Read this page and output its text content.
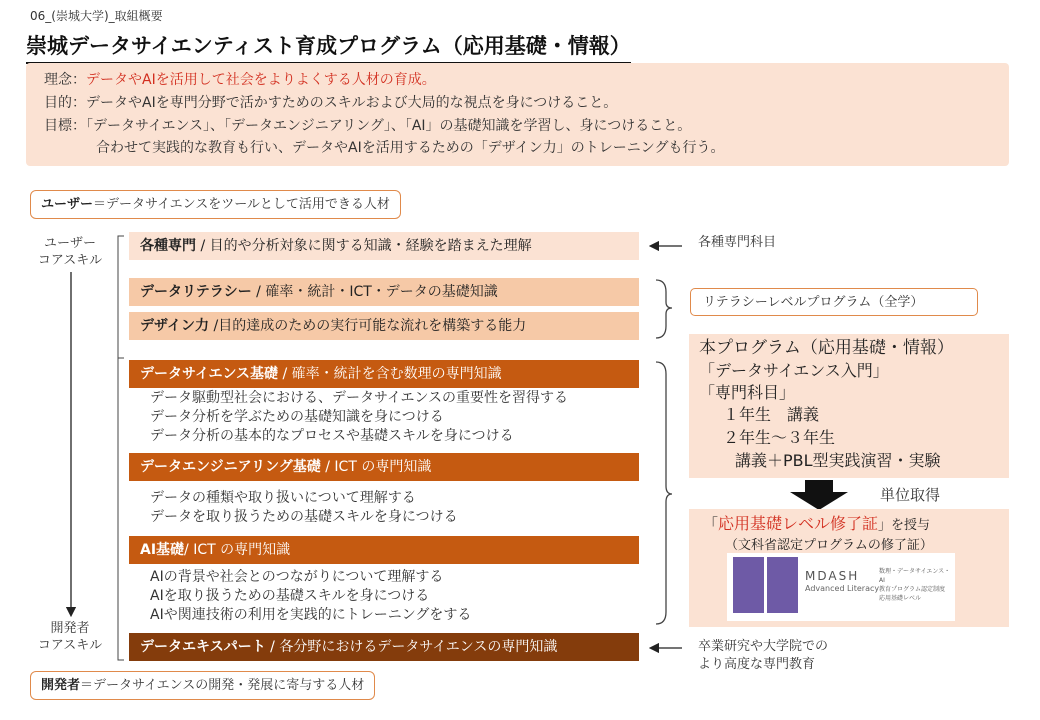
06_(崇城大学)_取組概要
崇城データサイエンティスト育成プログラム（応用基礎・情報）
理念：データやAIを活用して社会をよりよくする人材の育成。
目的：データやAIを専門分野で活かすためのスキルおよび大局的な視点を身につけること。
目標：「データサイエンス」、「データエンジニアリング」、「AI」の基礎知識を学習し、身につけること。
合わせて実践的な教育も行い、データやAIを活用するための「デザイン力」のトレーニングも行う。
ユーザー＝データサイエンスをツールとして活用できる人材
ユーザー
コアスキル
開発者
コアスキル
各種専門 / 目的や分析対象に関する知識・経験を踏まえた理解
データリテラシー / 確率・統計・ICT・データの基礎知識
デザイン力 /目的達成のための実行可能な流れを構築する能力
データサイエンス基礎 / 確率・統計を含む数理の専門知識
データ駆動型社会における、データサイエンスの重要性を習得する
データ分析を学ぶための基礎知識を身につける
データ分析の基本的なプロセスや基礎スキルを身につける
データエンジニアリング基礎 / ICT の専門知識
データの種類や取り扱いについて理解する
データを取り扱うための基礎スキルを身につける
AI基礎/ ICT の専門知識
AIの背景や社会とのつながりについて理解する
AIを取り扱うための基礎スキルを身につける
AIや関連技術の利用を実践的にトレーニングをする
データエキスパート / 各分野におけるデータサイエンスの専門知識
開発者＝データサイエンスの開発・発展に寄与する人材
各種専門科目
リテラシーレベルプログラム（全学）
本プログラム（応用基礎・情報）
「データサイエンス入門」
「専門科目」
１年生　講義
２年生～３年生
講義＋PBL型実践演習・実験
単位取得
「応用基礎レベル修了証」を授与
（文科省認定プログラムの修了証）
MDASH
Advanced Literacy
数理・データサイエンス・AI
教育プログラム認定制度
応用基礎レベル
卒業研究や大学院での
より高度な専門教育
